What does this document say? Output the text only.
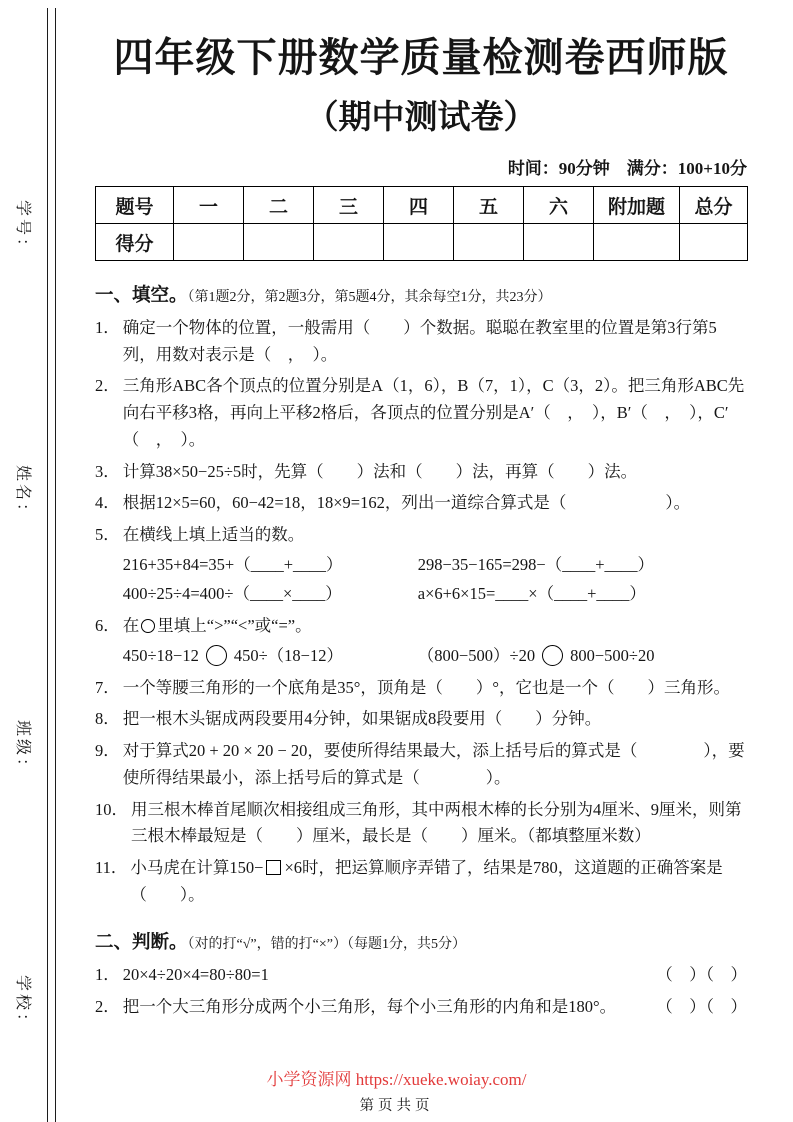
学号：
姓名：
班级：
学校：
四年级下册数学质量检测卷西师版
（期中测试卷）
时间：90分钟　满分：100+10分
题号	一	二	三	四	五	六	附加题	总分
得分								
一、填空。（第1题2分，第2题3分，第5题4分，其余每空1分，共23分）
1． 确定一个物体的位置，一般需用（　　）个数据。聪聪在教室里的位置是第3行第5列，用数对表示是（　，　）。
2． 三角形ABC各个顶点的位置分别是A（1，6），B（7，1），C（3，2）。把三角形ABC先向右平移3格，再向上平移2格后，各顶点的位置分别是A′（　，　），B′（　，　），C′（　，　）。
3． 计算38×50−25÷5时，先算（　　）法和（　　）法，再算（　　）法。
4． 根据12×5=60，60−42=18，18×9=162，列出一道综合算式是（　　　　　　）。
5． 在横线上填上适当的数。
216+35+84=35+（____+____）	298−35−165=298−（____+____）
400÷25÷4=400÷（____×____）	a×6+6×15=____×（____+____）
6． 在 里填上“>”“<”或“=”。
450÷18−12 450÷（18−12）	（800−500）÷20 800−500÷20
7． 一个等腰三角形的一个底角是35°，顶角是（　　）°，它也是一个（　　）三角形。
8． 把一根木头锯成两段要用4分钟，如果锯成8段要用（　　）分钟。
9． 对于算式20 + 20 × 20 − 20，要使所得结果最大，添上括号后的算式是（　　　　），要使所得结果最小，添上括号后的算式是（　　　　）。
10． 用三根木棒首尾顺次相接组成三角形，其中两根木棒的长分别为4厘米、9厘米，则第三根木棒最短是（　　）厘米，最长是（　　）厘米。（都填整厘米数）
11． 小马虎在计算150− ×6时，把运算顺序弄错了，结果是780，这道题的正确答案是（　　）。
二、判断。（对的打“√”，错的打“×”）（每题1分，共5分）
1． 20×4÷20×4=80÷80=1	（　）（　）
2． 把一个大三角形分成两个小三角形，每个小三角形的内角和是180°。	（　）（　）
小学资源网 https://xueke.woiay.com/
第页共页
